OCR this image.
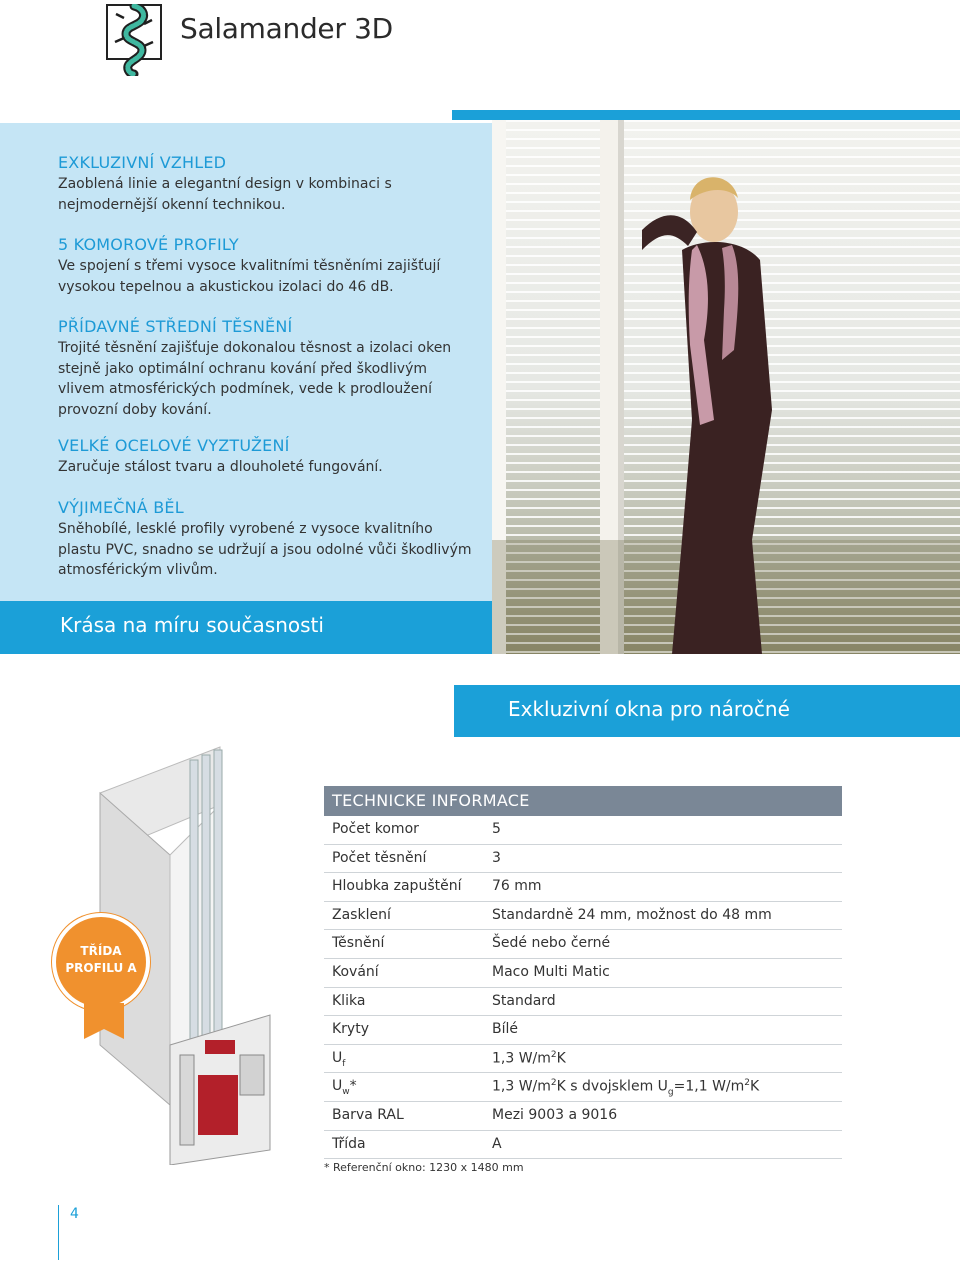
Salamander 3D
EXKLUZIVNÍ VZHLED

Zaoblená linie a elegantní design v kombinaci s nejmodernější okenní technikou.

5 KOMOROVÉ PROFILY

Ve spojení s třemi vysoce kvalitními těsněními zajišťují vysokou tepelnou a akustickou izolaci do 46 dB.

PŘÍDAVNÉ STŘEDNÍ TĚSNĚNÍ

Trojité těsnění zajišťuje dokonalou těsnost a izolaci oken stejně jako optimální ochranu kování před škodlivým vlivem atmosférických podmínek, vede k prodloužení provozní doby kování.

VELKÉ OCELOVÉ VYZTUŽENÍ

Zaručuje stálost tvaru a dlouholeté fungování.

VÝJIMEČNÁ BĚL

Sněhobílé, lesklé profily vyrobené z vysoce kvalitního plastu PVC, snadno se udržují a jsou odolné vůči škodlivým atmosférickým vlivům.

Krása na míru současnosti
Exkluzivní okna pro náročné
TŘÍDA
PROFILU A
TECHNICKE INFORMACE
Počet komor	5
Počet těsnění	3
Hloubka zapuštění 76 mm
Zasklení	Standardně 24 mm, možnost do 48 mm
Těsnění	Šedé nebo černé
Kování	Maco Multi Matic
Klika	Standard
Kryty	Bílé
$U_f$	1,3 $W/m^2K$
$U_w*$	1,3 $W/m^2K$ s dvojsklem $U_g=1,1$ $W/m^2K$
Barva RAL	Mezi 9003 a 9016
Třída	A
* Referenční okno: 1230 x 1480 mm
4
